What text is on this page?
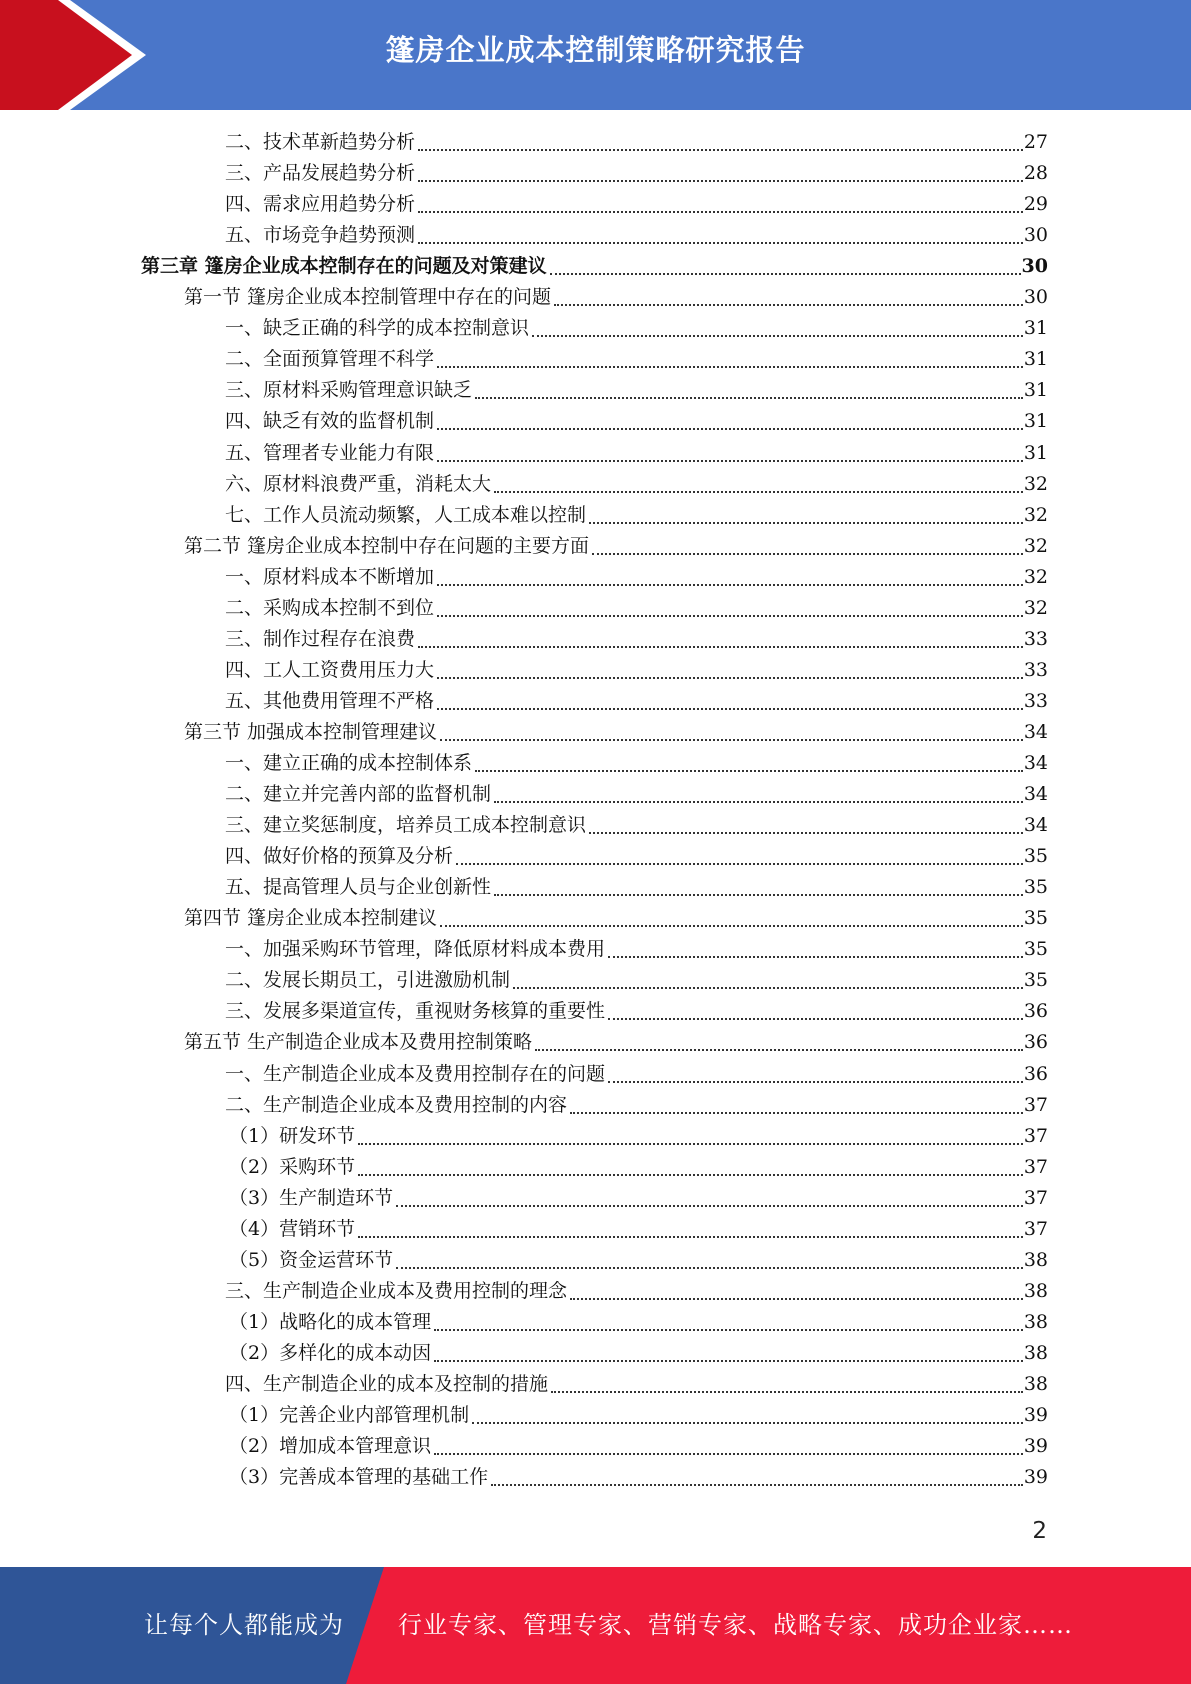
篷房企业成本控制策略研究报告
二、技术革新趋势分析	27
三、产品发展趋势分析	28
四、需求应用趋势分析	29
五、市场竞争趋势预测	30
第三章 篷房企业成本控制存在的问题及对策建议	30
第一节 篷房企业成本控制管理中存在的问题	30
一、缺乏正确的科学的成本控制意识	31
二、全面预算管理不科学	31
三、原材料采购管理意识缺乏	31
四、缺乏有效的监督机制	31
五、管理者专业能力有限	31
六、原材料浪费严重，消耗太大	32
七、工作人员流动频繁，人工成本难以控制	32
第二节 篷房企业成本控制中存在问题的主要方面	32
一、原材料成本不断增加	32
二、采购成本控制不到位	32
三、制作过程存在浪费	33
四、工人工资费用压力大	33
五、其他费用管理不严格	33
第三节 加强成本控制管理建议	34
一、建立正确的成本控制体系	34
二、建立并完善内部的监督机制	34
三、建立奖惩制度，培养员工成本控制意识	34
四、做好价格的预算及分析	35
五、提高管理人员与企业创新性	35
第四节 篷房企业成本控制建议	35
一、加强采购环节管理，降低原材料成本费用	35
二、发展长期员工，引进激励机制	35
三、发展多渠道宣传，重视财务核算的重要性	36
第五节 生产制造企业成本及费用控制策略	36
一、生产制造企业成本及费用控制存在的问题	36
二、生产制造企业成本及费用控制的内容	37
（1）研发环节	37
（2）采购环节	37
（3）生产制造环节	37
（4）营销环节	37
（5）资金运营环节	38
三、生产制造企业成本及费用控制的理念	38
（1）战略化的成本管理	38
（2）多样化的成本动因	38
四、生产制造企业的成本及控制的措施	38
（1）完善企业内部管理机制	39
（2）增加成本管理意识	39
（3）完善成本管理的基础工作	39
2
让每个人都能成为 行业专家、管理专家、营销专家、战略专家、成功企业家……
